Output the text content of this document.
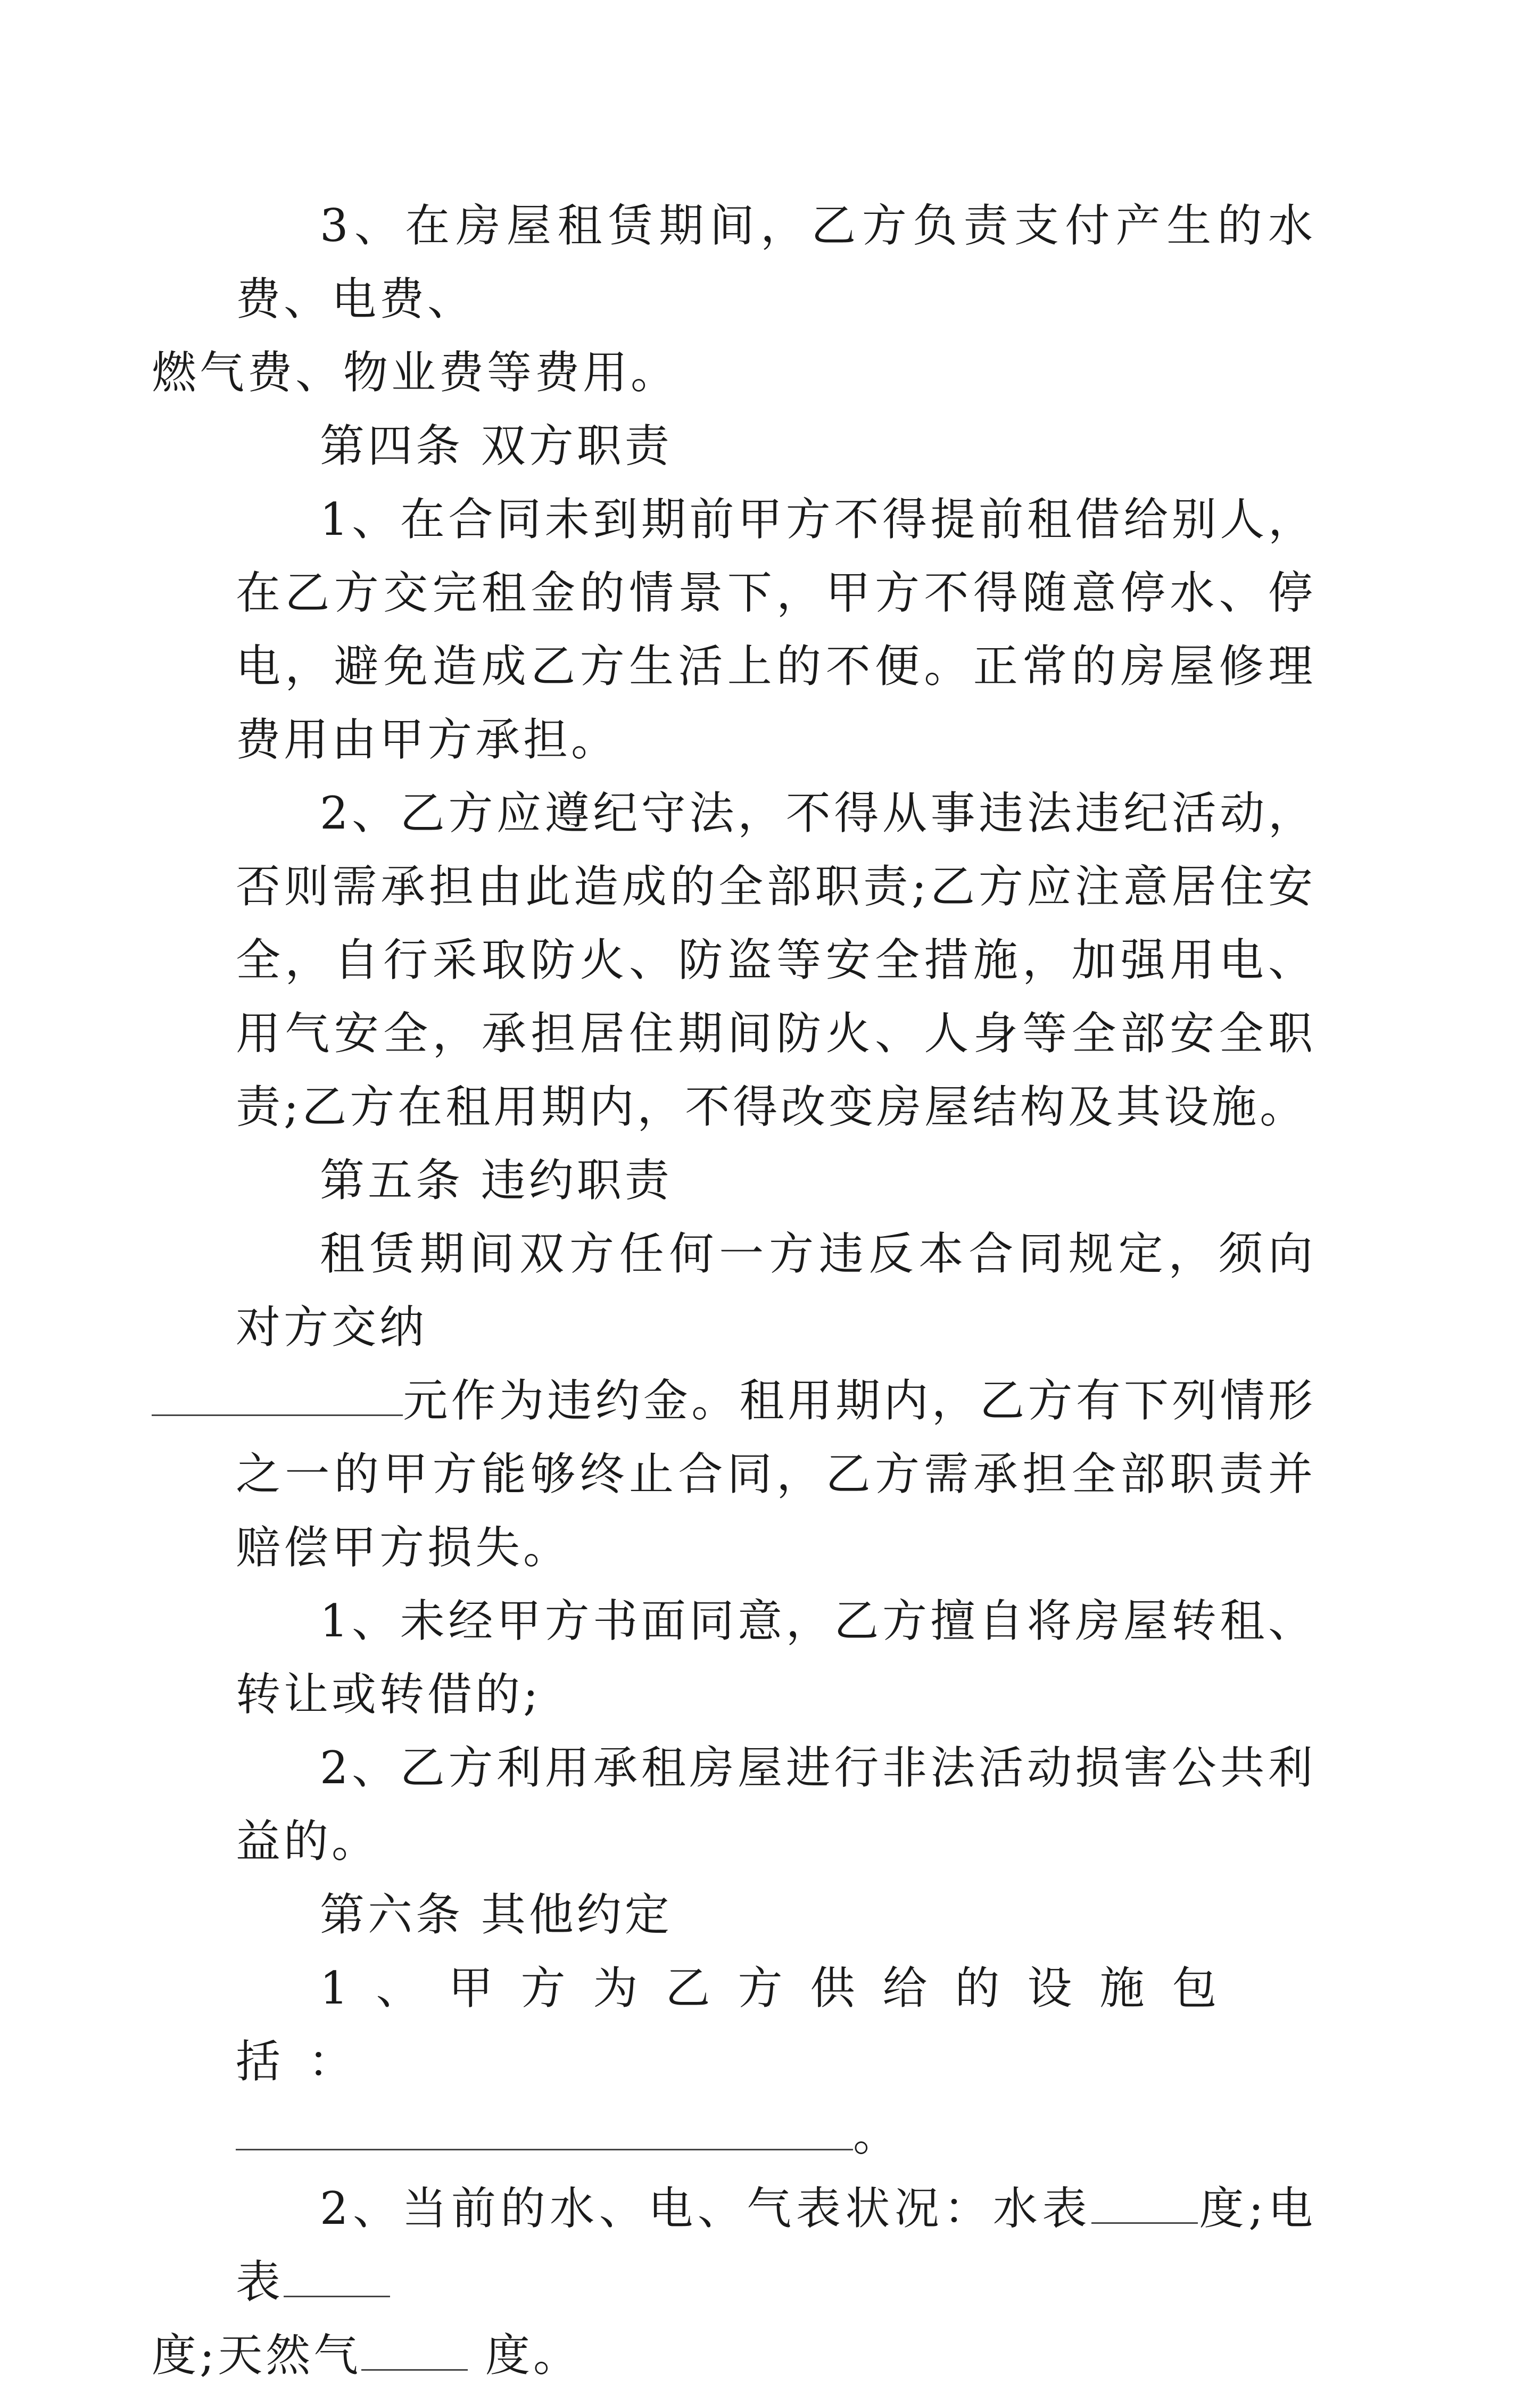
3、在房屋租赁期间，乙方负责支付产生的水费、电费、
燃气费、物业费等费用。

第四条 双方职责

1、在合同未到期前甲方不得提前租借给别人，在乙方交完租金的情景下，甲方不得随意停水、停电，避免造成乙方生活上的不便。正常的房屋修理费用由甲方承担。

2、乙方应遵纪守法，不得从事违法违纪活动，否则需承担由此造成的全部职责;乙方应注意居住安全，自行采取防火、防盗等安全措施，加强用电、用气安全，承担居住期间防火、人身等全部安全职责;乙方在租用期内，不得改变房屋结构及其设施。

第五条 违约职责

租赁期间双方任何一方违反本合同规定，须向对方交纳
元作为违约金。租用期内，乙方有下列情形之一的甲方能够终止合同，乙方需承担全部职责并赔偿甲方损失。

1、未经甲方书面同意，乙方擅自将房屋转租、转让或转借的;

2、乙方利用承租房屋进行非法活动损害公共利益的。

第六条 其他约定

1、甲方为乙方供给的设施包括：

。

2、当前的水、电、气表状况：水表 度;电表
度;天然气 度。
